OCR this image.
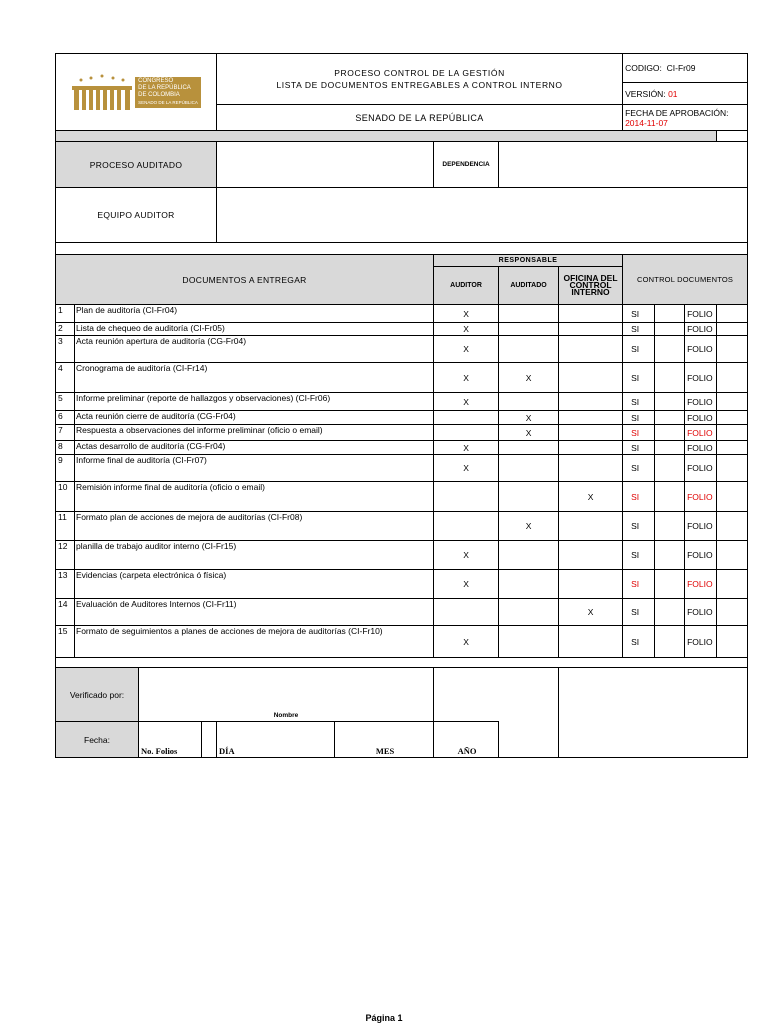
CONGRESO
DE LA REPÚBLICA
DE COLOMBIA
SENADO DE LA REPÚBLICA				PROCESO CONTROL DE LA GESTIÓN
LISTA DE DOCUMENTOS ENTREGABLES A CONTROL INTERNO					CODIGO: CI-Fr09			
									VERSIÓN: 01			
				SENADO DE LA REPÚBLICA					FECHA DE APROBACIÓN:
2014-11-07			

PROCESO AUDITADO						DEPENDENCIA						
EQUIPO AUDITOR												

DOCUMENTOS A ENTREGAR						RESPONSABLE			CONTROL DOCUMENTOS			
						AUDITOR	AUDITADO	OFICINA DEL CONTROL INTERNO				
1	Plan de auditoría (CI-Fr04)					X			SI		FOLIO	
2	Lista de chequeo de auditoría (CI-Fr05)					X			SI		FOLIO	
3	Acta reunión apertura de auditoría (CG-Fr04)					X			SI		FOLIO	
4	Cronograma de auditoría (CI-Fr14)					X	X		SI		FOLIO	
5	Informe preliminar (reporte de hallazgos y observaciones) (CI-Fr06)					X			SI		FOLIO	
6	Acta reunión cierre de auditoría (CG-Fr04)						X		SI		FOLIO	
7	Respuesta a observaciones del informe preliminar (oficio o email)						X		SI		FOLIO	
8	Actas desarrollo de auditoría (CG-Fr04)					X			SI		FOLIO	
9	Informe final de auditoría (CI-Fr07)					X			SI		FOLIO	
10	Remisión informe final de auditoría (oficio o email)							X	SI		FOLIO	
11	Formato plan de acciones de mejora de auditorías (CI-Fr08)						X		SI		FOLIO	
12	planilla de trabajo auditor interno (CI-Fr15)					X			SI		FOLIO	
13	Evidencias (carpeta electrónica ó física)					X			SI		FOLIO	
14	Evaluación de Auditores Internos (CI-Fr11)							X	SI		FOLIO	
15	Formato de seguimientos a planes de acciones de mejora de auditorías (CI-Fr10)					X			SI		FOLIO	

Verificado por:		Nombre										
Fecha:		No. Folios		DÍA	MES	AÑO						
Página 1
